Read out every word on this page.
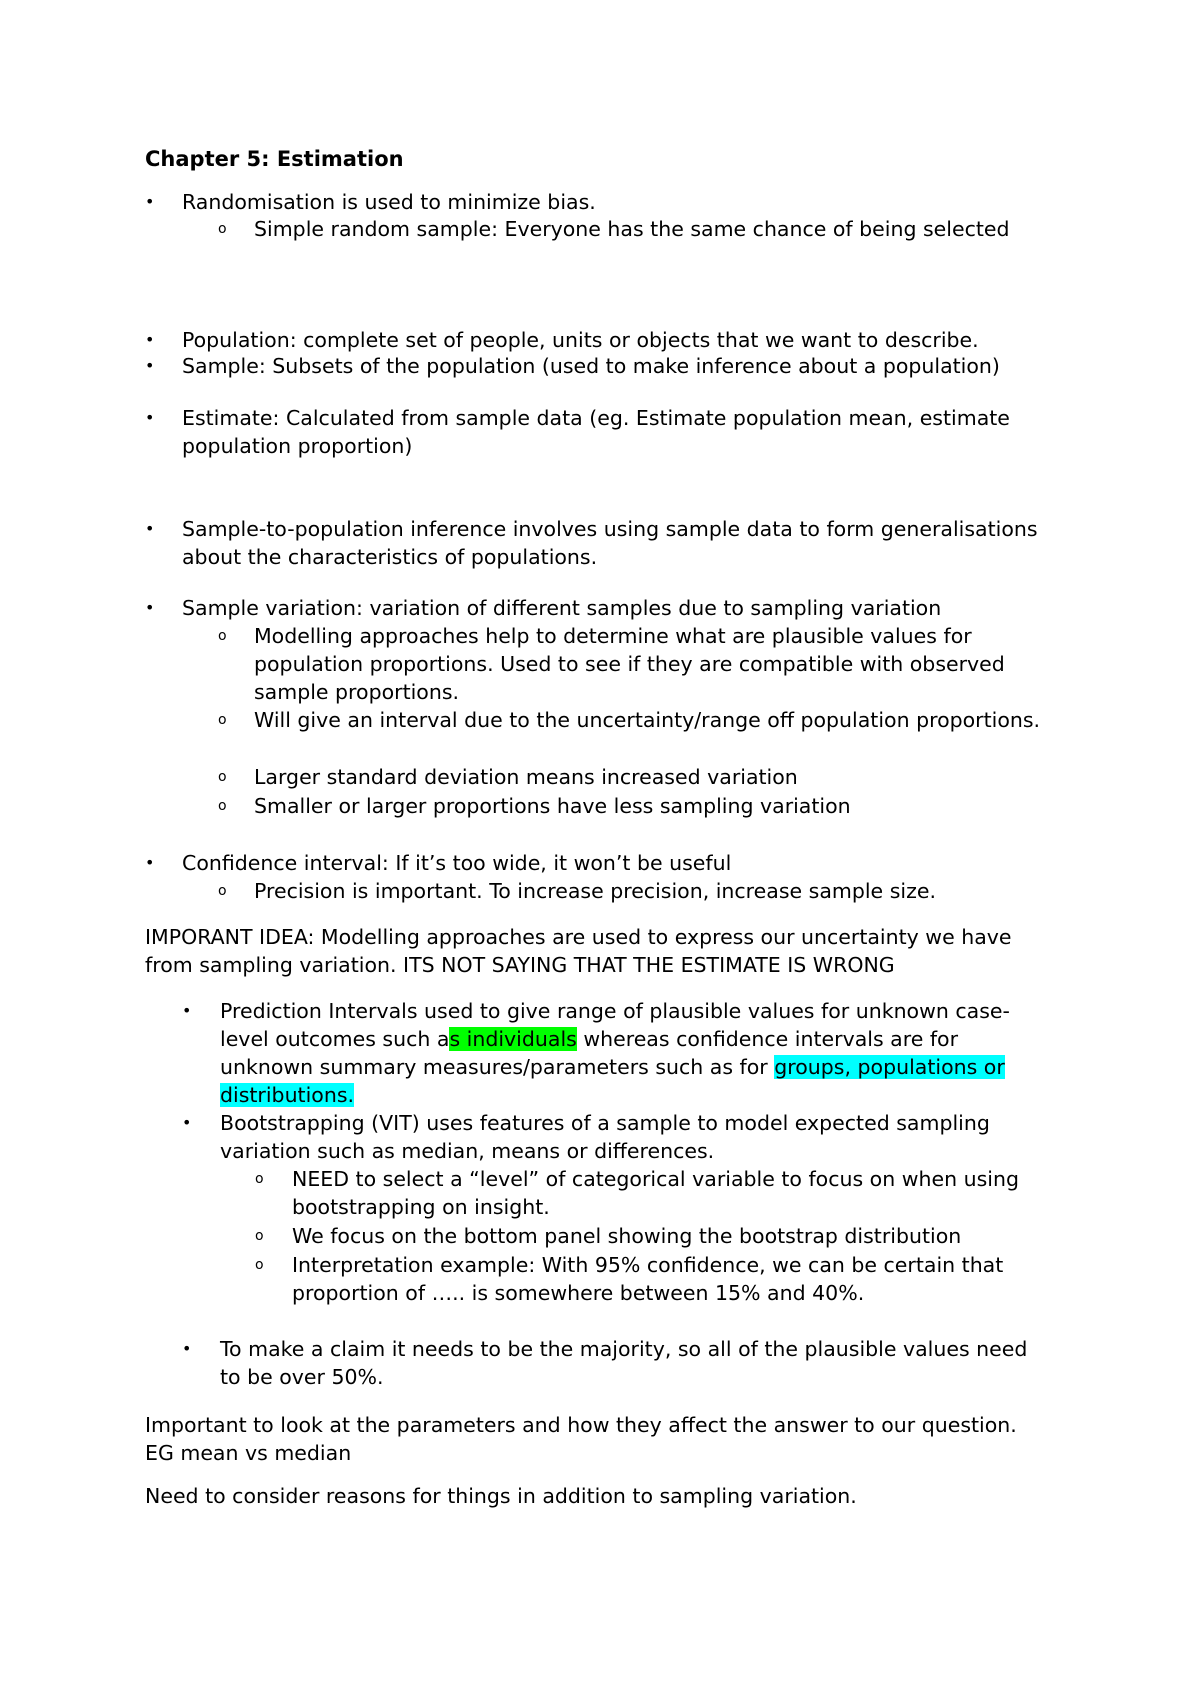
Chapter 5: Estimation
• Randomisation is used to minimize bias.
o Simple random sample: Everyone has the same chance of being selected
• Population: complete set of people, units or objects that we want to describe.
• Sample: Subsets of the population (used to make inference about a population)
• Estimate: Calculated from sample data (eg. Estimate population mean, estimate population proportion)
• Sample-to-population inference involves using sample data to form generalisations about the characteristics of populations.
• Sample variation: variation of different samples due to sampling variation
o Modelling approaches help to determine what are plausible values for population proportions. Used to see if they are compatible with observed sample proportions.
o Will give an interval due to the uncertainty/range off population proportions.
o Larger standard deviation means increased variation
o Smaller or larger proportions have less sampling variation
• Confidence interval: If it’s too wide, it won’t be useful
o Precision is important. To increase precision, increase sample size.
IMPORANT IDEA: Modelling approaches are used to express our uncertainty we have from sampling variation. ITS NOT SAYING THAT THE ESTIMATE IS WRONG
• Prediction Intervals used to give range of plausible values for unknown case-level outcomes such as individuals whereas confidence intervals are for unknown summary measures/parameters such as for groups, populations or distributions.
• Bootstrapping (VIT) uses features of a sample to model expected sampling variation such as median, means or differences.
o NEED to select a “level” of categorical variable to focus on when using bootstrapping on insight.
o We focus on the bottom panel showing the bootstrap distribution
o Interpretation example: With 95% confidence, we can be certain that proportion of ….. is somewhere between 15% and 40%.
• To make a claim it needs to be the majority, so all of the plausible values need to be over 50%.
Important to look at the parameters and how they affect the answer to our question. EG mean vs median
Need to consider reasons for things in addition to sampling variation.
